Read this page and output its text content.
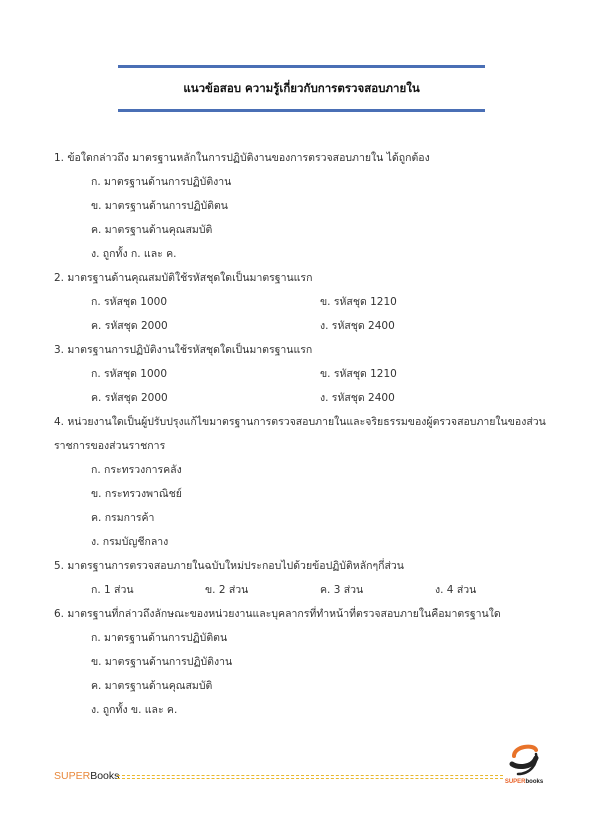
แนวข้อสอบ ความรู้เกี่ยวกับการตรวจสอบภายใน
1. ข้อใดกล่าวถึง มาตรฐานหลักในการปฏิบัติงานของการตรวจสอบภายใน ได้ถูกต้อง
ก. มาตรฐานด้านการปฏิบัติงาน
ข. มาตรฐานด้านการปฏิบัติตน
ค. มาตรฐานด้านคุณสมบัติ
ง. ถูกทั้ง ก. และ ค.
2. มาตรฐานด้านคุณสมบัติใช้รหัสชุดใดเป็นมาตรฐานแรก
ก. รหัสชุด 1000	ข. รหัสชุด 1210
ค. รหัสชุด 2000	ง. รหัสชุด 2400
3. มาตรฐานการปฏิบัติงานใช้รหัสชุดใดเป็นมาตรฐานแรก
ก. รหัสชุด 1000	ข. รหัสชุด 1210
ค. รหัสชุด 2000	ง. รหัสชุด 2400
4. หน่วยงานใดเป็นผู้ปรับปรุงแก้ไขมาตรฐานการตรวจสอบภายในและจริยธรรมของผู้ตรวจสอบภายในของส่วน
ราชการของส่วนราชการ
ก. กระทรวงการคลัง
ข. กระทรวงพาณิชย์
ค. กรมการค้า
ง. กรมบัญชีกลาง
5. มาตรฐานการตรวจสอบภายในฉบับใหม่ประกอบไปด้วยข้อปฏิบัติหลักๆกี่ส่วน
ก. 1 ส่วน	ข. 2 ส่วน	ค. 3 ส่วน	ง. 4 ส่วน
6. มาตรฐานที่กล่าวถึงลักษณะของหน่วยงานและบุคลากรที่ทำหน้าที่ตรวจสอบภายในคือมาตรฐานใด
ก. มาตรฐานด้านการปฏิบัติตน
ข. มาตรฐานด้านการปฏิบัติงาน
ค. มาตรฐานด้านคุณสมบัติ
ง. ถูกทั้ง ข. และ ค.
SUPERBooks	SUPERbooks
